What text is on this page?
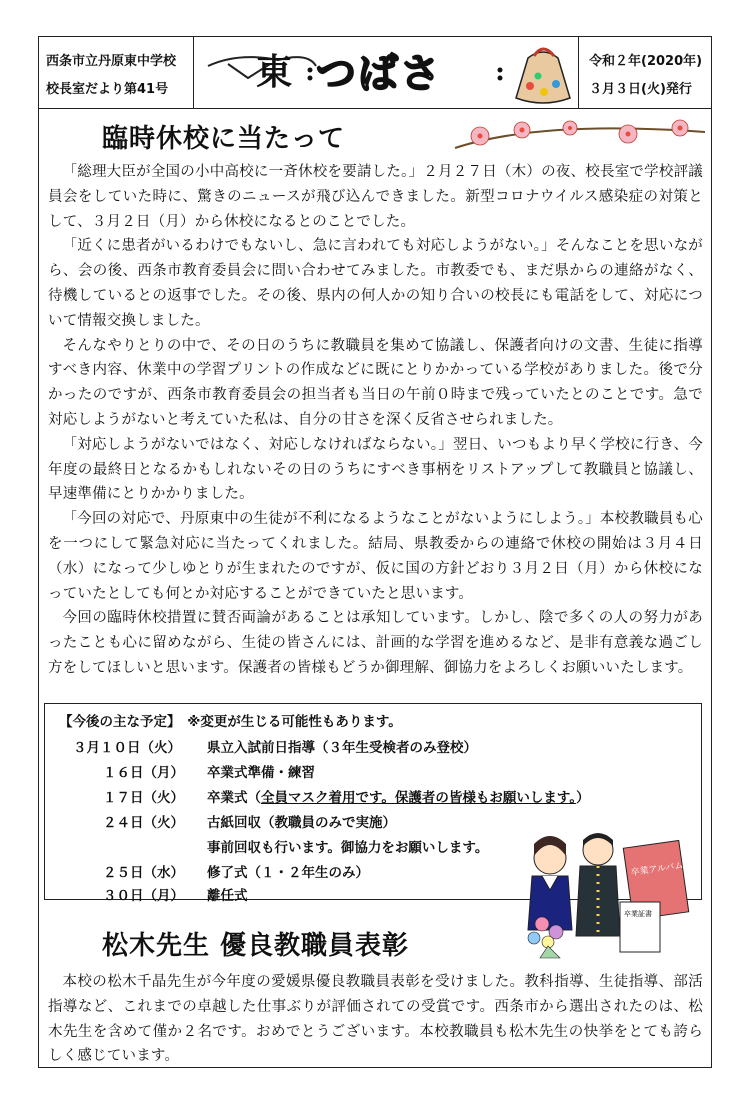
西条市立丹原東中学校
校長室だより第41号 東 つばさ	令和２年(2020年)
３月３日(火)発行
臨時休校に当たって

「総理大臣が全国の小中高校に一斉休校を要請した。」２月２７日（木）の夜、校長室で学校評議員会をしていた時に、驚きのニュースが飛び込んできました。新型コロナウイルス感染症の対策として、３月２日（月）から休校になるとのことでした。

「近くに患者がいるわけでもないし、急に言われても対応しようがない。」そんなことを思いながら、会の後、西条市教育委員会に問い合わせてみました。市教委でも、まだ県からの連絡がなく、待機しているとの返事でした。その後、県内の何人かの知り合いの校長にも電話をして、対応について情報交換しました。

そんなやりとりの中で、その日のうちに教職員を集めて協議し、保護者向けの文書、生徒に指導すべき内容、休業中の学習プリントの作成などに既にとりかかっている学校がありました。後で分かったのですが、西条市教育委員会の担当者も当日の午前０時まで残っていたとのことです。急で対応しようがないと考えていた私は、自分の甘さを深く反省させられました。

「対応しようがないではなく、対応しなければならない。」翌日、いつもより早く学校に行き、今年度の最終日となるかもしれないその日のうちにすべき事柄をリストアップして教職員と協議し、早速準備にとりかかりました。

「今回の対応で、丹原東中の生徒が不利になるようなことがないようにしよう。」本校教職員も心を一つにして緊急対応に当たってくれました。結局、県教委からの連絡で休校の開始は３月４日（水）になって少しゆとりが生まれたのですが、仮に国の方針どおり３月２日（月）から休校になっていたとしても何とか対応することができていたと思います。

今回の臨時休校措置に賛否両論があることは承知しています。しかし、陰で多くの人の努力があったことも心に留めながら、生徒の皆さんには、計画的な学習を進めるなど、是非有意義な過ごし方をしてほしいと思います。保護者の皆様もどうか御理解、御協力をよろしくお願いいたします。

【今後の主な予定】　※変更が生じる可能性もあります。
３月１０日（火） 県立入試前日指導（３年生受検者のみ登校）
１６日（月） 卒業式準備・練習
１７日（火） 卒業式（全員マスク着用です。保護者の皆様もお願いします。）
２４日（火） 古紙回収（教職員のみで実施）
事前回収も行います。御協力をお願いします。
２５日（水） 修了式（１・２年生のみ）
３０日（月） 離任式
卒業アルバム
卒業証書
松木先生 優良教職員表彰

本校の松木千晶先生が今年度の愛媛県優良教職員表彰を受けました。教科指導、生徒指導、部活指導など、これまでの卓越した仕事ぶりが評価されての受賞です。西条市から選出されたのは、松木先生を含めて僅か２名です。おめでとうございます。本校教職員も松木先生の快挙をとても誇らしく感じています。
